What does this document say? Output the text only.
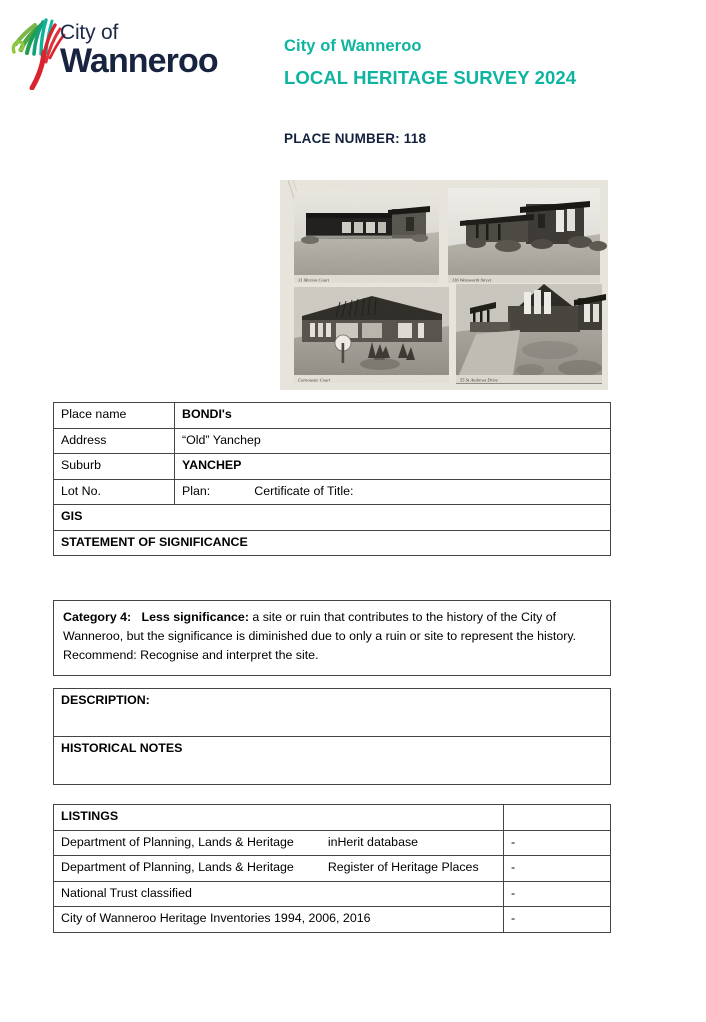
City of
Wanneroo	City of Wanneroo
LOCAL HERITAGE SURVEY 2024
PLACE NUMBER: 118
Place name	BONDI's
Address	“Old” Yanchep
Suburb	YANCHEP
Lot No.	Plan: Certificate of Title:
GIS	
STATEMENT OF SIGNIFICANCE	
Category 4: Less significance: a site or ruin that contributes to the history of the City of Wanneroo, but the significance is diminished due to only a ruin or site to represent the history. Recommend: Recognise and interpret the site.
DESCRIPTION:
HISTORICAL NOTES
LISTINGS	
Department of Planning, Lands & Heritage inHerit database	-
Department of Planning, Lands & Heritage Register of Heritage Places	-
National Trust classified	-
City of Wanneroo Heritage Inventories 1994, 2006, 2016	-
